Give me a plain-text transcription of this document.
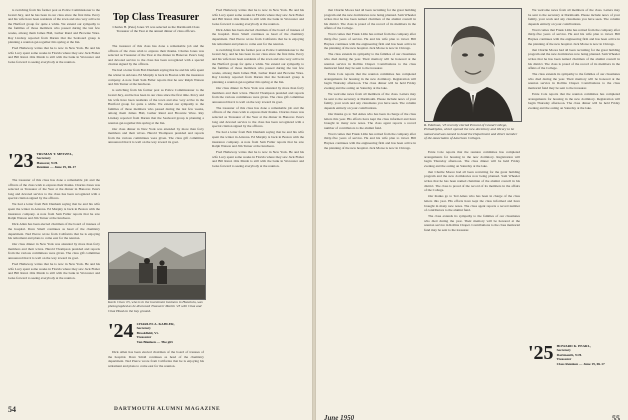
is switching from his former post as Police Commissioner to the Grand Jury, and he has been in our class since the first time. Percy and his wife have been residents of the town and also very active in the Hartford group for quite a while. We extend our sympathy to the families of those members who passed during the last few weeks, among them James Hall, Luther Rand and Brownie Ware. Ray Lindsay reported from Darien that the Seaboard group is planning a reunion get-together this spring at the Inn.

Fred Hatheway writes that he is now in New York. He and his wife Lucy spent some weeks in Florida where they saw Jack Fisher and Bill Rand. Otis Marsh is still with the bank in Worcester and looks forward to seeing everybody at the reunion.

'23 TRUMAN T. METZEL,
Secretary
Hanover, N.H.
Reunion — June 19, 06-17

The treasurer of this class has done a remarkable job and the officers of the class wish to express their thanks. Charles Jones was selected as Treasurer of the Year at the dinner in Hanover. Pete's long and devoted service to the class has been recognized with a special citation signed by the officers.

We had a letter from Bob Dunham saying that he and his wife spent the winter in Arizona. Ed Murphy is back in Boston with the insurance company. A note from Sam Fuller reports that he saw Ralph Watson and Jim Turner at the luncheon.

Dick Allen has been elected chairman of the board of trustees of the hospital. Dave Small continues as head of the chemistry department. Ned Pierce wrote from California that he is enjoying his retirement and plans to come east for the reunion.

Our class dinner in New York was attended by more than forty members and their wives. Harold Thompson presided and reports from the various committees were given. The class gift committee announced that it is well on the way toward its goal.

Fred Hatheway writes that he is now in New York. He and his wife Lucy spent some weeks in Florida where they saw Jack Fisher and Bill Rand. Otis Marsh is still with the bank in Worcester and looks forward to seeing everybody at the reunion.

Top Class Treasurer
Charles H. (Pete) Jones '25 was selected as the Dartmouth Class Treasurer of the Year at the annual dinner of class officers.

The treasurer of this class has done a remarkable job and the officers of the class wish to express their thanks. Charles Jones was selected as Treasurer of the Year at the dinner in Hanover. Pete's long and devoted service to the class has been recognized with a special citation signed by the officers.

We had a letter from Bob Dunham saying that he and his wife spent the winter in Arizona. Ed Murphy is back in Boston with the insurance company. A note from Sam Fuller reports that he saw Ralph Watson and Jim Turner at the luncheon.

is switching from his former post as Police Commissioner to the Grand Jury, and he has been in our class since the first time. Percy and his wife have been residents of the town and also very active in the Hartford group for quite a while. We extend our sympathy to the families of those members who passed during the last few weeks, among them James Hall, Luther Rand and Brownie Ware. Ray Lindsay reported from Darien that the Seaboard group is planning a reunion get-together this spring at the Inn.

Our class dinner in New York was attended by more than forty members and their wives. Harold Thompson presided and reports from the various committees were given. The class gift committee announced that it is well on the way toward its goal.

Karin Chan '25, who is in the investment business in Honolulu, was photographed as he discussed Treasurer Martin '23 with Chaz and Chaz Head on the bay ground.
'24 CHARLES A. KAHLER,
Secretary
Brookfield, Vt.
Treasurer
Van Blanken — The gift

Dick Allen has been elected chairman of the board of trustees of the hospital. Dave Small continues as head of the chemistry department. Ned Pierce wrote from California that he is enjoying his retirement and plans to come east for the reunion.

Fred Hatheway writes that he is now in New York. He and his wife Lucy spent some weeks in Florida where they saw Jack Fisher and Bill Rand. Otis Marsh is still with the bank in Worcester and looks forward to seeing everybody at the reunion.

Dick Allen has been elected chairman of the board of trustees of the hospital. Dave Small continues as head of the chemistry department. Ned Pierce wrote from California that he is enjoying his retirement and plans to come east for the reunion.

is switching from his former post as Police Commissioner to the Grand Jury, and he has been in our class since the first time. Percy and his wife have been residents of the town and also very active in the Hartford group for quite a while. We extend our sympathy to the families of those members who passed during the last few weeks, among them James Hall, Luther Rand and Brownie Ware. Ray Lindsay reported from Darien that the Seaboard group is planning a reunion get-together this spring at the Inn.

Our class dinner in New York was attended by more than forty members and their wives. Harold Thompson presided and reports from the various committees were given. The class gift committee announced that it is well on the way toward its goal.

The treasurer of this class has done a remarkable job and the officers of the class wish to express their thanks. Charles Jones was selected as Treasurer of the Year at the dinner in Hanover. Pete's long and devoted service to the class has been recognized with a special citation signed by the officers.

We had a letter from Bob Dunham saying that he and his wife spent the winter in Arizona. Ed Murphy is back in Boston with the insurance company. A note from Sam Fuller reports that he saw Ralph Watson and Jim Turner at the luncheon.

Fred Hatheway writes that he is now in New York. He and his wife Lucy spent some weeks in Florida where they saw Jack Fisher and Bill Rand. Otis Marsh is still with the bank in Worcester and looks forward to seeing everybody at the reunion.

54	DARTMOUTH ALUMNI MAGAZINE

that Charlie Moore had all been recruiting for the great building program and the new dormitories now being planned. Sam Wheeler writes that he has been named chairman of the alumni council in his district. The class is proud of the record of its members in the affairs of the College.

Word comes that Frank Little has retired from the company after thirty-five years of service. He and his wife plan to travel. Bill Haynes continues with the engineering firm and has been active in the planning of the new hospital. Jack Morse is now in Chicago.

The class extends its sympathy to the families of our classmates who died during the year. Their memory will be honored at the reunion service in Rollins Chapel. Contributions to the class memorial fund may be sent to the treasurer.

Ernie Cole reports that the reunion committee has completed arrangements for housing in the new dormitory. Registration will begin Thursday afternoon. The class dinner will be held Friday evening and the outing on Saturday at the lake.

We welcome news from all members of the class. Letters may be sent to the secretary at Dartmouth. Please include news of your family, your work and any classmates you have seen. The column depends entirely on your contributions.

Our thanks go to Ted Ames who has been in charge of the class letters this year. His efforts have kept the class informed and have brought in many new notes. The class agent reports a record number of contributors to the alumni fund.

Word comes that Frank Little has retired from the company after thirty-five years of service. He and his wife plan to travel. Bill Haynes continues with the engineering firm and has been active in the planning of the new hospital. Jack Morse is now in Chicago.

R. Edelman, '25 recently elected Provost of Grand College, Philadelphia, which opened the new dormitory and library to be named and was named to head the Department and direct member of the Association of American Colleges.

Ernie Cole reports that the reunion committee has completed arrangements for housing in the new dormitory. Registration will begin Thursday afternoon. The class dinner will be held Friday evening and the outing on Saturday at the lake.

that Charlie Moore had all been recruiting for the great building program and the new dormitories now being planned. Sam Wheeler writes that he has been named chairman of the alumni council in his district. The class is proud of the record of its members in the affairs of the College.

Our thanks go to Ted Ames who has been in charge of the class letters this year. His efforts have kept the class informed and have brought in many new notes. The class agent reports a record number of contributors to the alumni fund.

The class extends its sympathy to the families of our classmates who died during the year. Their memory will be honored at the reunion service in Rollins Chapel. Contributions to the class memorial fund may be sent to the treasurer.

We welcome news from all members of the class. Letters may be sent to the secretary at Dartmouth. Please include news of your family, your work and any classmates you have seen. The column depends entirely on your contributions.

Word comes that Frank Little has retired from the company after thirty-five years of service. He and his wife plan to travel. Bill Haynes continues with the engineering firm and has been active in the planning of the new hospital. Jack Morse is now in Chicago.

that Charlie Moore had all been recruiting for the great building program and the new dormitories now being planned. Sam Wheeler writes that he has been named chairman of the alumni council in his district. The class is proud of the record of its members in the affairs of the College.

The class extends its sympathy to the families of our classmates who died during the year. Their memory will be honored at the reunion service in Rollins Chapel. Contributions to the class memorial fund may be sent to the treasurer.

Ernie Cole reports that the reunion committee has completed arrangements for housing in the new dormitory. Registration will begin Thursday afternoon. The class dinner will be held Friday evening and the outing on Saturday at the lake.

'25 HOWARD K. PEARL,
Secretary
Dartmouth, N.H.
Treasurer
Class Reunion — June 19, 06-17
June 1950	55
